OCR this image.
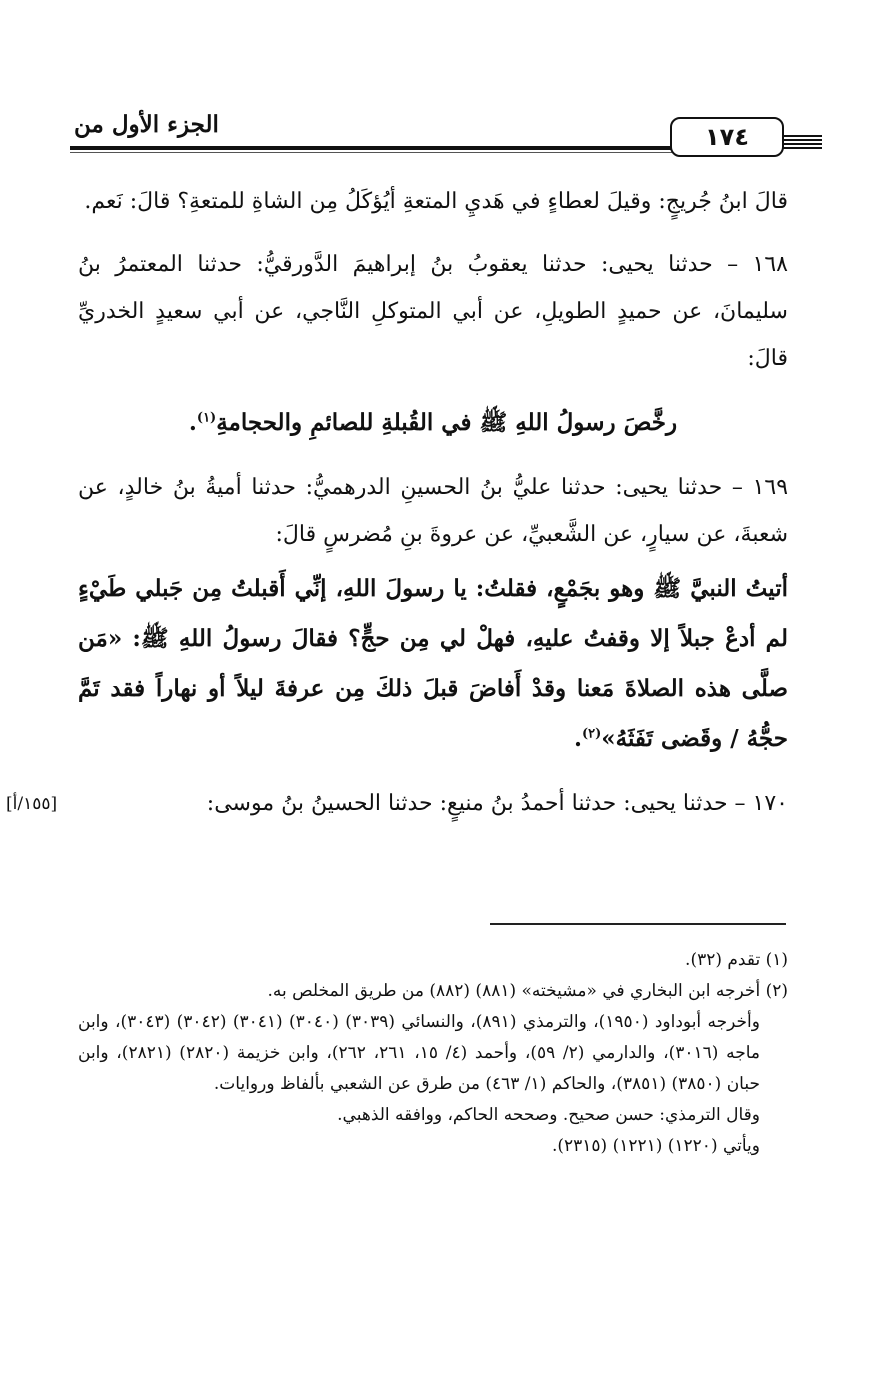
الجزء الأول من	١٧٤

قالَ ابنُ جُريجٍ: وقيلَ لعطاءٍ في هَديِ المتعةِ أيُؤكَلُ مِن الشاةِ للمتعةِ؟ قالَ: نَعم.

١٦٨ – حدثنا يحيى: حدثنا يعقوبُ بنُ إبراهيمَ الدَّورقيُّ: حدثنا المعتمرُ بنُ سليمانَ، عن حميدٍ الطويلِ، عن أبي المتوكلِ النَّاجي، عن أبي سعيدٍ الخدريِّ قالَ:

رخَّصَ رسولُ اللهِ ﷺ في القُبلةِ للصائمِ والحجامةِ$^{(١)}$.

١٦٩ – حدثنا يحيى: حدثنا عليُّ بنُ الحسينِ الدرهميُّ: حدثنا أميةُ بنُ خالدٍ، عن شعبةَ، عن سيارٍ، عن الشَّعبيِّ، عن عروةَ بنِ مُضرسٍ قالَ:

أتيتُ النبيَّ ﷺ وهو بجَمْعٍ، فقلتُ: يا رسولَ اللهِ، إنِّي أَقبلتُ مِن جَبلي طَيْءٍ لم أدعْ جبلاً إلا وقفتُ عليهِ، فهلْ لي مِن حجٍّ؟ فقالَ رسولُ اللهِ ﷺ: «مَن صلَّى هذه الصلاةَ مَعنا وقدْ أَفاضَ قبلَ ذلكَ مِن عرفةَ ليلاً أو نهاراً فقد تَمَّ حجُّهُ / وقَضى تَفَثَهُ»$^{(٢)}$.

١٧٠ – حدثنا يحيى: حدثنا أحمدُ بنُ منيعٍ: حدثنا الحسينُ بنُ موسى:

[١٥٥/أ]

(١) تقدم (٣٢).

(٢) أخرجه ابن البخاري في «مشيخته» (٨٨١) (٨٨٢) من طريق المخلص به.

وأخرجه أبوداود (١٩٥٠)، والترمذي (٨٩١)، والنسائي (٣٠٣٩) (٣٠٤٠) (٣٠٤١) (٣٠٤٢) (٣٠٤٣)، وابن ماجه (٣٠١٦)، والدارمي (٢/ ٥٩)، وأحمد (٤/ ١٥، ٢٦١، ٢٦٢)، وابن خزيمة (٢٨٢٠) (٢٨٢١)، وابن حبان (٣٨٥٠) (٣٨٥١)، والحاكم (١/ ٤٦٣) من طرق عن الشعبي بألفاظ وروايات.

وقال الترمذي: حسن صحيح. وصححه الحاكم، ووافقه الذهبي.

ويأتي (١٢٢٠) (١٢٢١) (٢٣١٥).
